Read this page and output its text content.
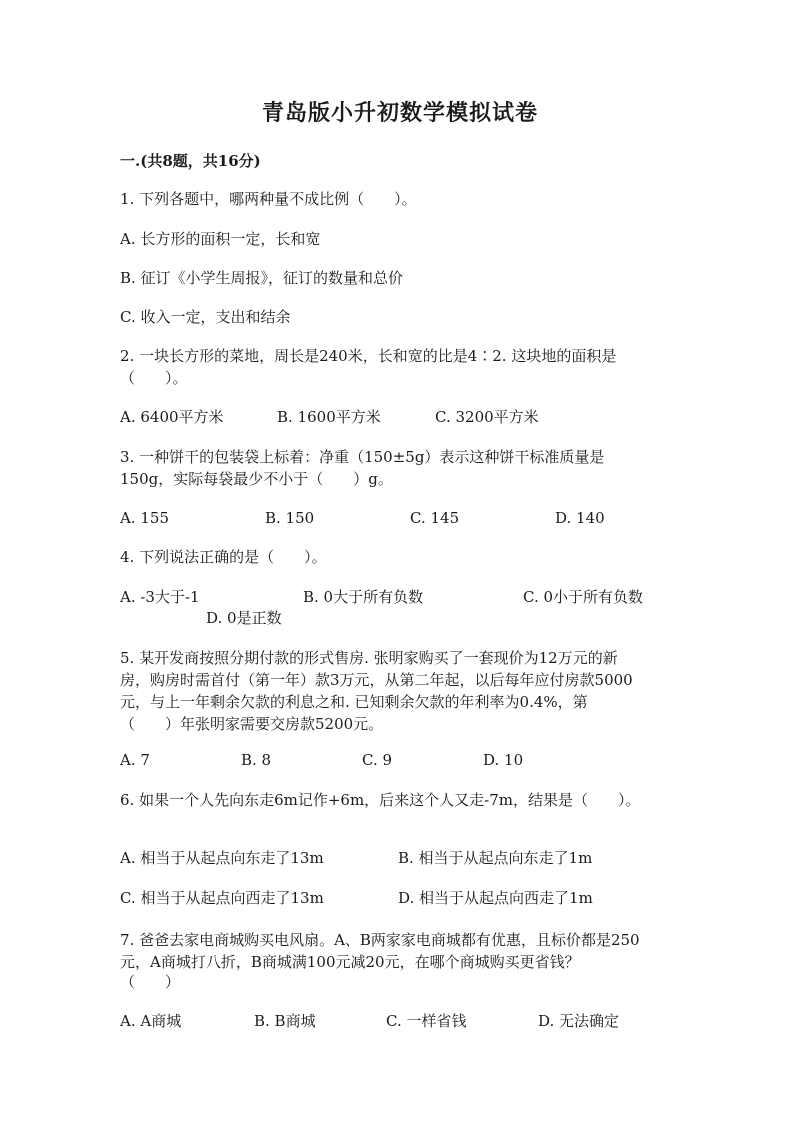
青岛版小升初数学模拟试卷
一.(共8题，共16分)
1. 下列各题中，哪两种量不成比例（　　）。
A. 长方形的面积一定，长和宽
B. 征订《小学生周报》，征订的数量和总价
C. 收入一定，支出和结余
2. 一块长方形的菜地，周长是240米，长和宽的比是4∶2. 这块地的面积是
（　　）。
A. 6400平方米	B. 1600平方米	C. 3200平方米
3. 一种饼干的包装袋上标着：净重（150±5g）表示这种饼干标准质量是
150g，实际每袋最少不小于（　　）g。
A. 155	B. 150	C. 145	D. 140
4. 下列说法正确的是（　　）。
A. -3大于-1	B. 0大于所有负数	C. 0小于所有负数
D. 0是正数
5. 某开发商按照分期付款的形式售房. 张明家购买了一套现价为12万元的新
房，购房时需首付（第一年）款3万元，从第二年起，以后每年应付房款5000
元，与上一年剩余欠款的利息之和. 已知剩余欠款的年利率为0.4%，第
（　　）年张明家需要交房款5200元。
A. 7	B. 8	C. 9	D. 10
6. 如果一个人先向东走6m记作+6m，后来这个人又走-7m，结果是（　　）。
A. 相当于从起点向东走了13m	B. 相当于从起点向东走了1m
C. 相当于从起点向西走了13m	D. 相当于从起点向西走了1m
7. 爸爸去家电商城购买电风扇。A、B两家家电商城都有优惠，且标价都是250
元，A商城打八折，B商城满100元减20元，在哪个商城购买更省钱？
（　　）
A. A商城	B. B商城	C. 一样省钱	D. 无法确定
